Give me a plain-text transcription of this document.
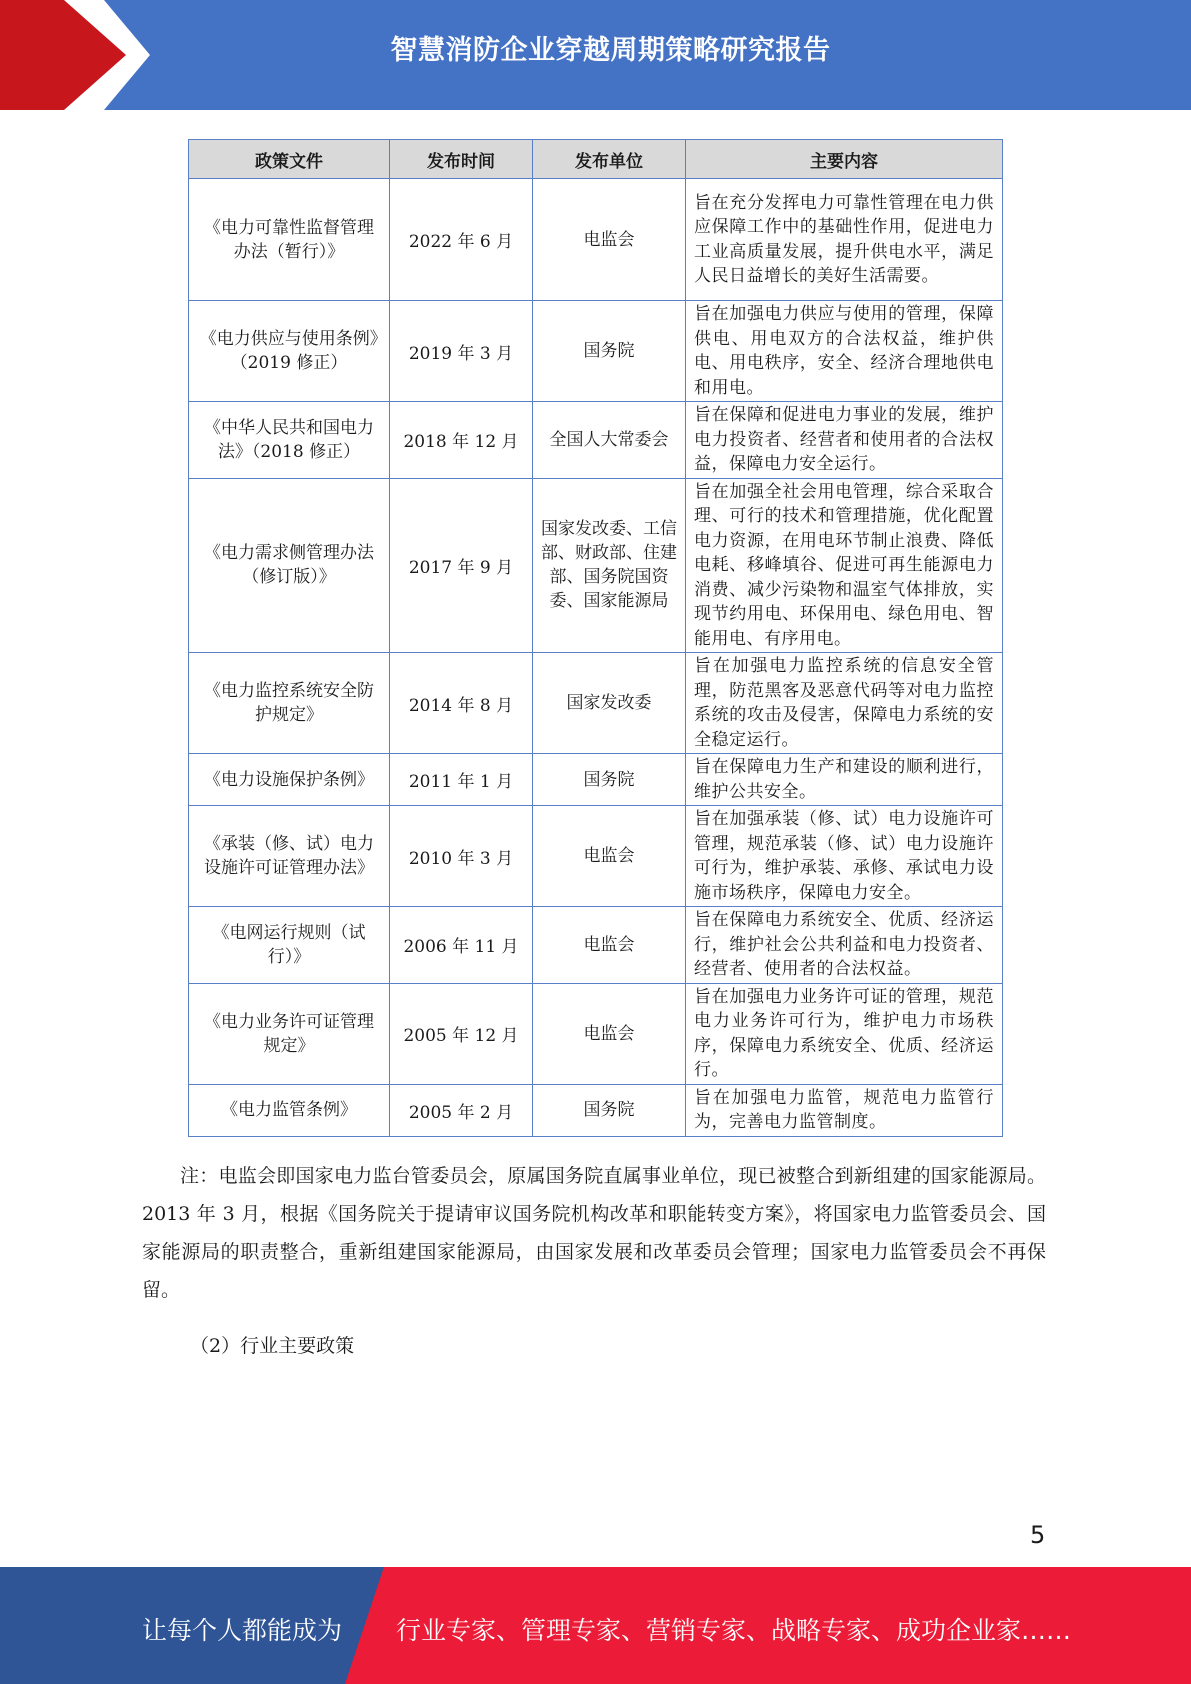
智慧消防企业穿越周期策略研究报告
政策文件	发布时间	发布单位	主要内容
《电力可靠性监督管理办法（暂行）》	2022 年 6 月	电监会	旨在充分发挥电力可靠性管理在电力供应保障工作中的基础性作用，促进电力工业高质量发展，提升供电水平，满足人民日益增长的美好生活需要。
《电力供应与使用条例》（2019 修正）	2019 年 3 月	国务院	旨在加强电力供应与使用的管理，保障供电、用电双方的合法权益，维护供电、用电秩序，安全、经济合理地供电和用电。
《中华人民共和国电力法》（2018 修正）	2018 年 12 月	全国人大常委会	旨在保障和促进电力事业的发展，维护电力投资者、经营者和使用者的合法权益，保障电力安全运行。
《电力需求侧管理办法（修订版）》	2017 年 9 月	国家发改委、工信部、财政部、住建部、国务院国资委、国家能源局	旨在加强全社会用电管理，综合采取合理、可行的技术和管理措施，优化配置电力资源，在用电环节制止浪费、降低电耗、移峰填谷、促进可再生能源电力消费、减少污染物和温室气体排放，实现节约用电、环保用电、绿色用电、智能用电、有序用电。
《电力监控系统安全防护规定》	2014 年 8 月	国家发改委	旨在加强电力监控系统的信息安全管理，防范黑客及恶意代码等对电力监控系统的攻击及侵害，保障电力系统的安全稳定运行。
《电力设施保护条例》	2011 年 1 月	国务院	旨在保障电力生产和建设的顺利进行，维护公共安全。
《承装（修、试）电力设施许可证管理办法》	2010 年 3 月	电监会	旨在加强承装（修、试）电力设施许可管理，规范承装（修、试）电力设施许可行为，维护承装、承修、承试电力设施市场秩序，保障电力安全。
《电网运行规则（试行）》	2006 年 11 月	电监会	旨在保障电力系统安全、优质、经济运行，维护社会公共利益和电力投资者、经营者、使用者的合法权益。
《电力业务许可证管理规定》	2005 年 12 月	电监会	旨在加强电力业务许可证的管理，规范电力业务许可行为，维护电力市场秩序，保障电力系统安全、优质、经济运行。
《电力监管条例》	2005 年 2 月	国务院	旨在加强电力监管，规范电力监管行为，完善电力监管制度。

注：电监会即国家电力监台管委员会，原属国务院直属事业单位，现已被整合到新组建的国家能源局。2013 年 3 月，根据《国务院关于提请审议国务院机构改革和职能转变方案》，将国家电力监管委员会、国家能源局的职责整合，重新组建国家能源局，由国家发展和改革委员会管理；国家电力监管委员会不再保留。

（2）行业主要政策

5
让每个人都能成为 行业专家、管理专家、营销专家、战略专家、成功企业家……
